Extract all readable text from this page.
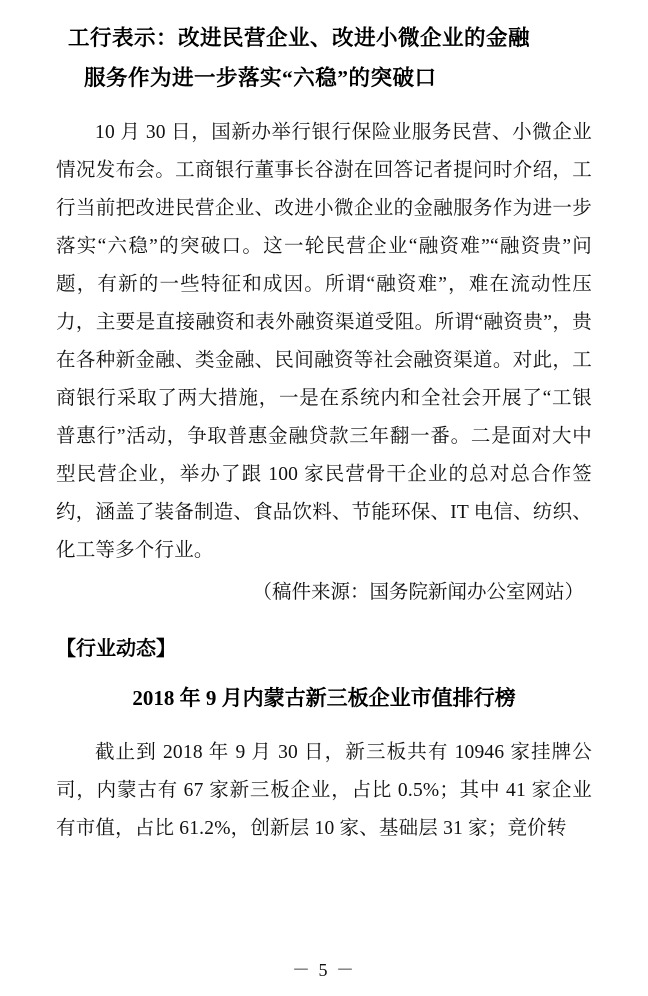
工行表示：改进民营企业、改进小微企业的金融
服务作为进一步落实“六稳”的突破口

10 月 30 日，国新办举行银行保险业服务民营、小微企业情况发布会。工商银行董事长谷澍在回答记者提问时介绍，工行当前把改进民营企业、改进小微企业的金融服务作为进一步落实“六稳”的突破口。这一轮民营企业“融资难”“融资贵”问题，有新的一些特征和成因。所谓“融资难”，难在流动性压力，主要是直接融资和表外融资渠道受阻。所谓“融资贵”，贵在各种新金融、类金融、民间融资等社会融资渠道。对此，工商银行采取了两大措施，一是在系统内和全社会开展了“工银普惠行”活动，争取普惠金融贷款三年翻一番。二是面对大中型民营企业，举办了跟 100 家民营骨干企业的总对总合作签约，涵盖了装备制造、食品饮料、节能环保、IT 电信、纺织、化工等多个行业。

（稿件来源：国务院新闻办公室网站）

【行业动态】
2018 年 9 月内蒙古新三板企业市值排行榜

截止到 2018 年 9 月 30 日，新三板共有 10946 家挂牌公司，内蒙古有 67 家新三板企业，占比 0.5%；其中 41 家企业有市值，占比 61.2%，创新层 10 家、基础层 31 家；竞价转

－ 5 －
